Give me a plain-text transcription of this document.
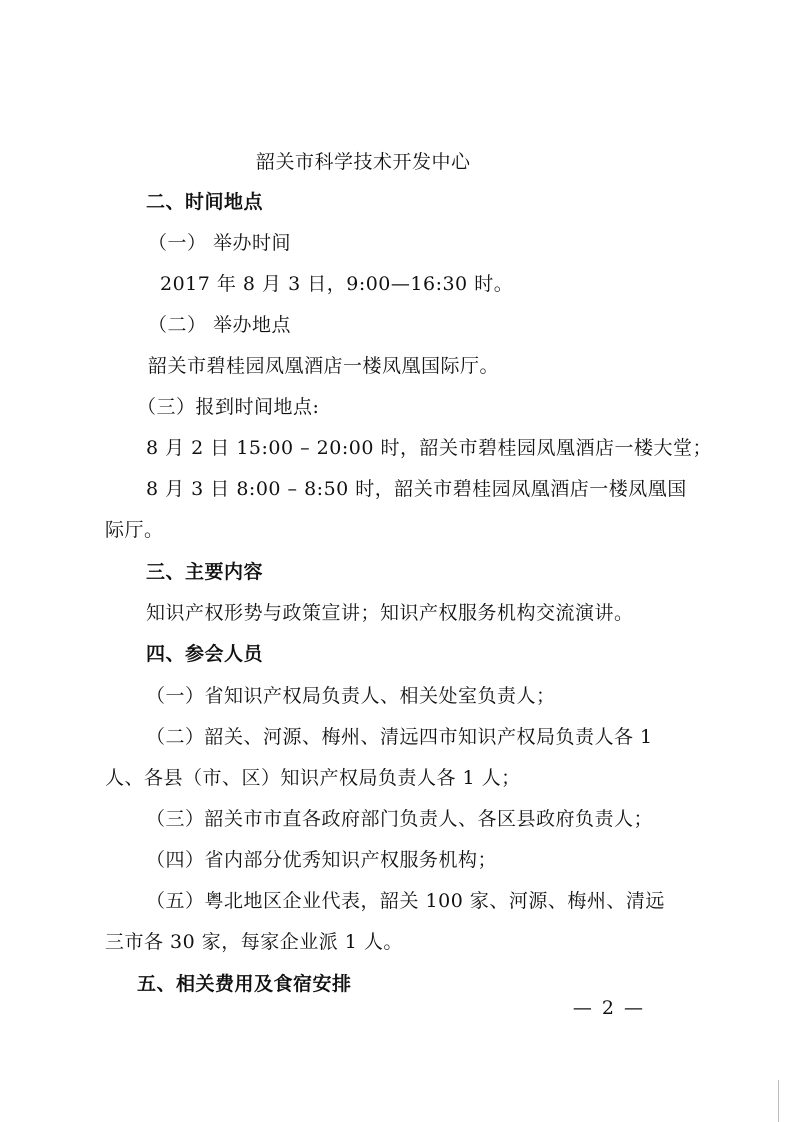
韶关市科学技术开发中心
二、时间地点
（一） 举办时间
2017 年 8 月 3 日，9:00—16:30 时。
（二） 举办地点
韶关市碧桂园凤凰酒店一楼凤凰国际厅。
（三）报到时间地点:
8 月 2 日 15:00 – 20:00 时，韶关市碧桂园凤凰酒店一楼大堂；
8 月 3 日 8:00 – 8:50 时，韶关市碧桂园凤凰酒店一楼凤凰国
际厅。
三、主要内容
知识产权形势与政策宣讲；知识产权服务机构交流演讲。
四、参会人员
（一）省知识产权局负责人、相关处室负责人；
（二）韶关、河源、梅州、清远四市知识产权局负责人各 1
人、各县（市、区）知识产权局负责人各 1 人；
（三）韶关市市直各政府部门负责人、各区县政府负责人；
（四）省内部分优秀知识产权服务机构；
（五）粤北地区企业代表，韶关 100 家、河源、梅州、清远
三市各 30 家，每家企业派 1 人。
五、相关费用及食宿安排
— 2 —
